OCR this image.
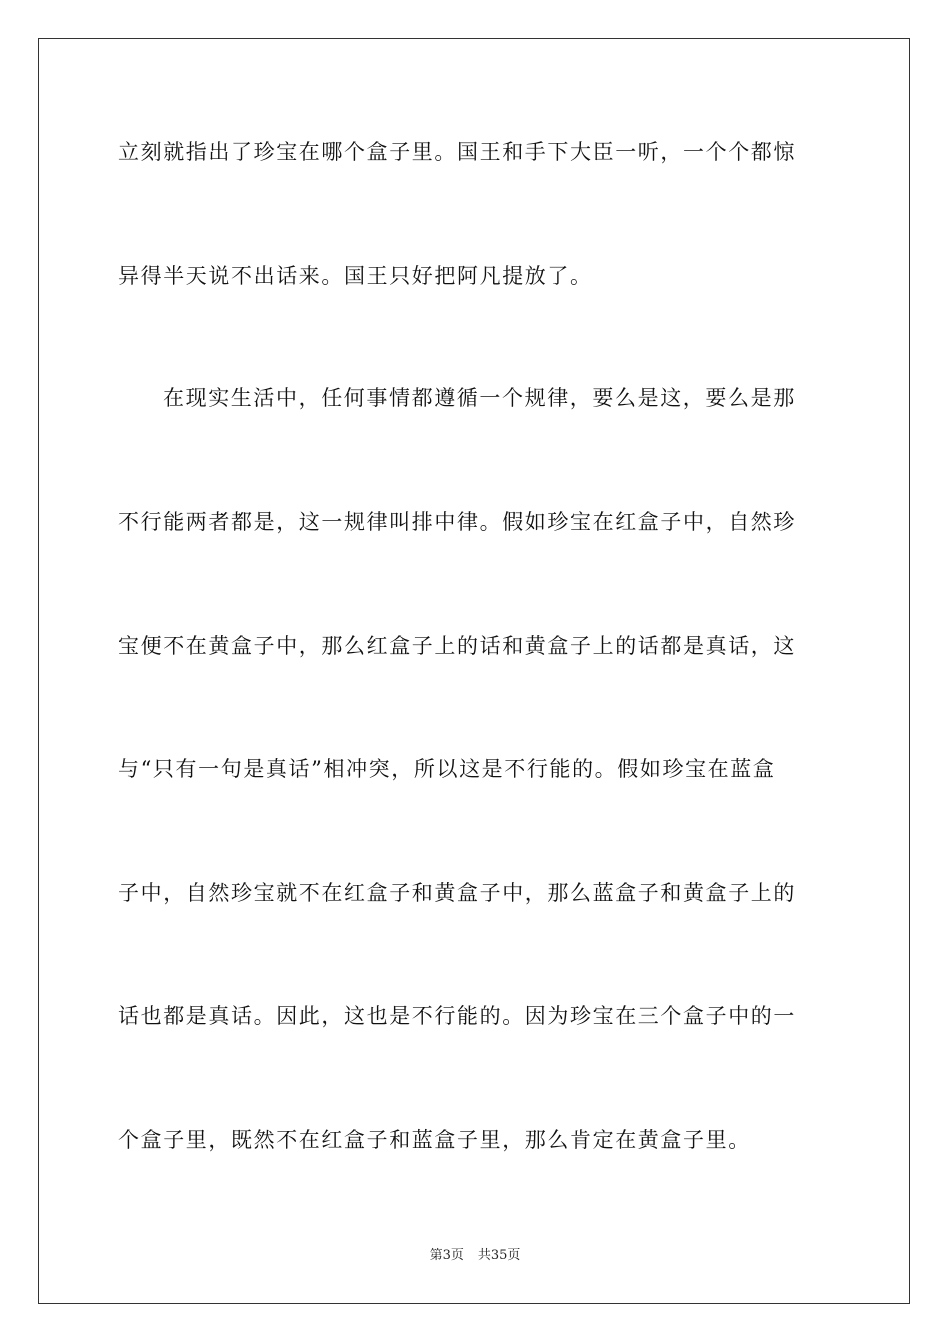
立刻就指出了珍宝在哪个盒子里。国王和手下大臣一听，一个个都惊
异得半天说不出话来。国王只好把阿凡提放了。
在现实生活中，任何事情都遵循一个规律，要么是这，要么是那
不行能两者都是，这一规律叫排中律。假如珍宝在红盒子中，自然珍
宝便不在黄盒子中，那么红盒子上的话和黄盒子上的话都是真话，这
与“只有一句是真话”相冲突，所以这是不行能的。假如珍宝在蓝盒
子中，自然珍宝就不在红盒子和黄盒子中，那么蓝盒子和黄盒子上的
话也都是真话。因此，这也是不行能的。因为珍宝在三个盒子中的一
个盒子里，既然不在红盒子和蓝盒子里，那么肯定在黄盒子里。
第3页 共35页
